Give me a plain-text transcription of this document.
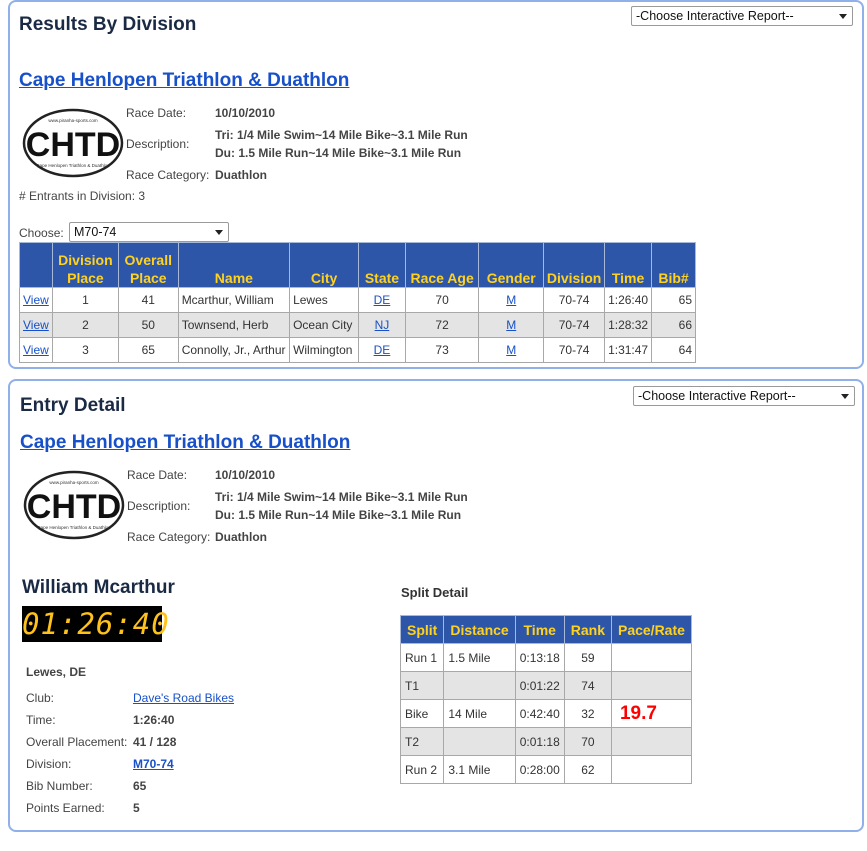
Results By Division	-Choose Interactive Report--
Cape Henlopen Triathlon & Duathlon
CHTD
www.piranha-sports.com
Cape Henlopen Triathlon & Duathlon
Race Date: 10/10/2010
Description:
Tri: 1/4 Mile Swim~14 Mile Bike~3.1 Mile Run
Du: 1.5 Mile Run~14 Mile Bike~3.1 Mile Run
Race Category: Duathlon
# Entrants in Division: 3
Choose: M70-74
	Division Place	Overall Place	Name	City	State	Race Age	Gender	Division	Time	Bib#
View	1	41	Mcarthur, William	Lewes	DE	70	M	70-74	1:26:40	65
View	2	50	Townsend, Herb	Ocean City	NJ	72	M	70-74	1:28:32	66
View	3	65	Connolly, Jr., Arthur	Wilmington	DE	73	M	70-74	1:31:47	64
Entry Detail	-Choose Interactive Report--
Cape Henlopen Triathlon & Duathlon
CHTD
www.piranha-sports.com
Cape Henlopen Triathlon & Duathlon
Race Date: 10/10/2010
Description:
Tri: 1/4 Mile Swim~14 Mile Bike~3.1 Mile Run
Du: 1.5 Mile Run~14 Mile Bike~3.1 Mile Run
Race Category: Duathlon
William Mcarthur
01:26:40
Lewes, DE
Club:	Dave's Road Bikes
Time:	1:26:40
Overall Placement: 41 / 128
Division:	M70-74
Bib Number:	65
Points Earned: 5
Split Detail
Split	Distance	Time	Rank	Pace/Rate
Run 1	1.5 Mile	0:13:18	59	
T1		0:01:22	74	
Bike	14 Mile	0:42:40	32	19.7
T2		0:01:18	70	
Run 2	3.1 Mile	0:28:00	62	
